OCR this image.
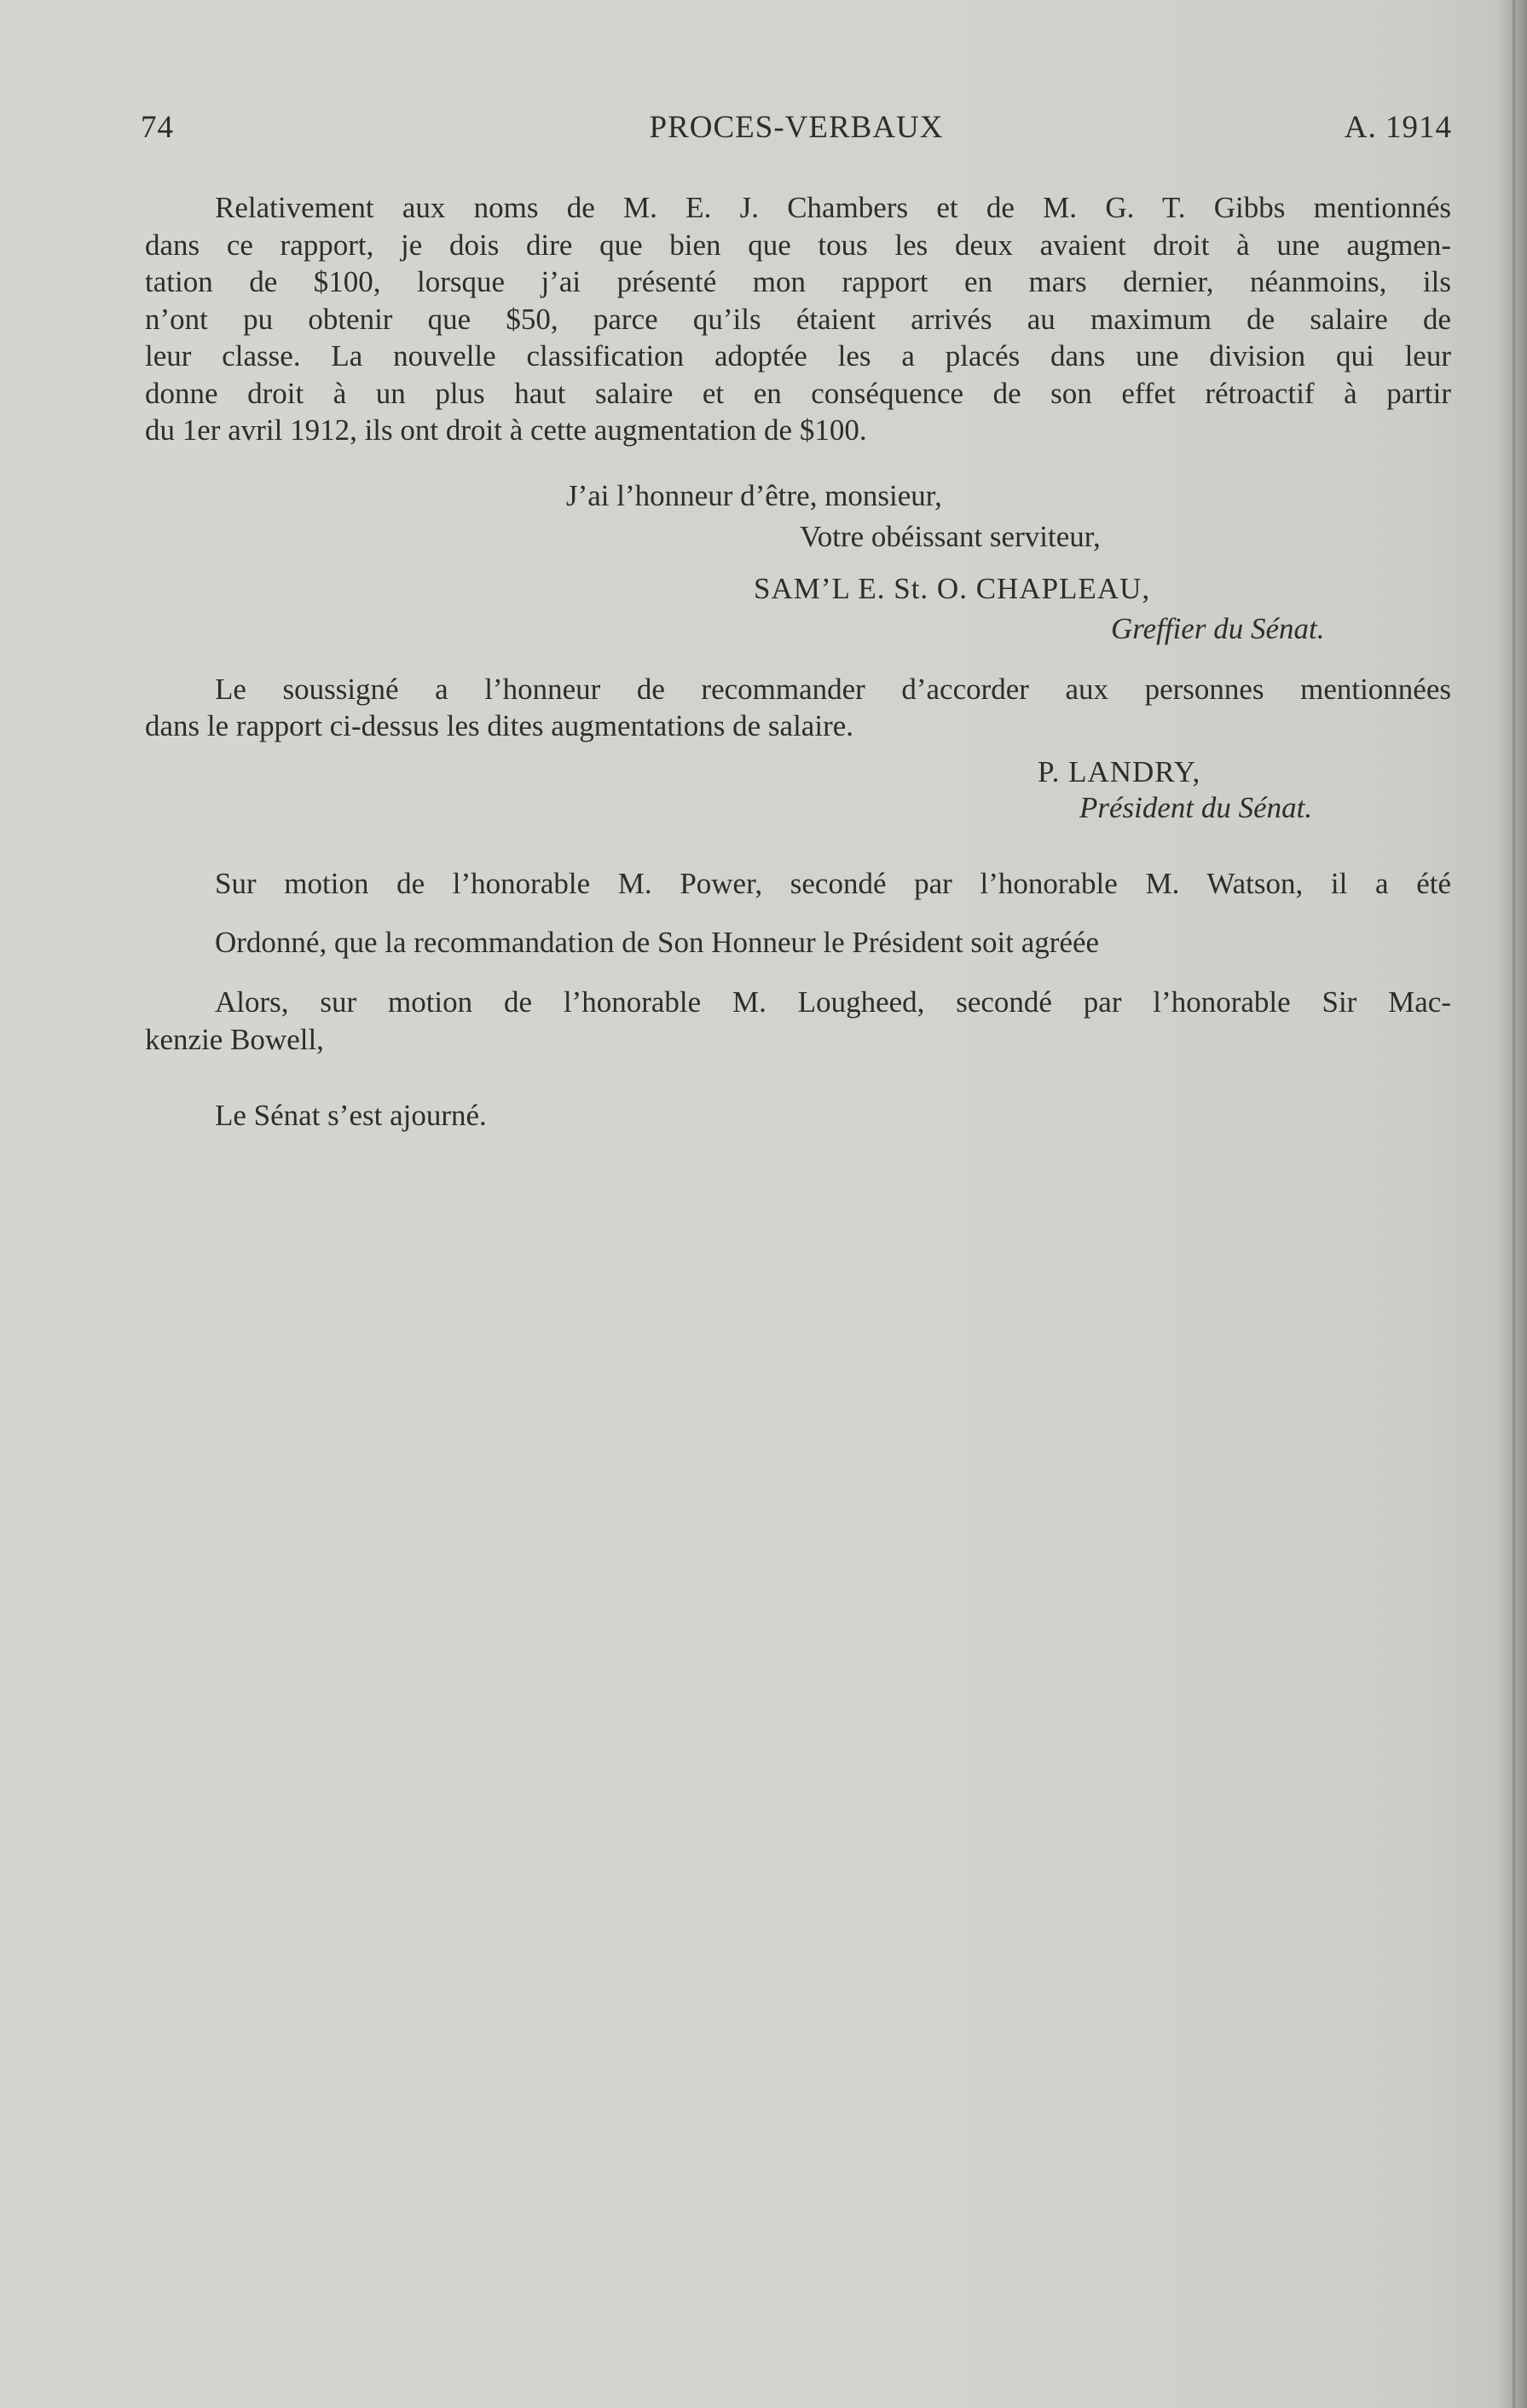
74	PROCES-VERBAUX	A. 1914
Relativement aux noms de M. E. J. Chambers et de M. G. T. Gibbs mentionnés
dans ce rapport, je dois dire que bien que tous les deux avaient droit à une augmen-
tation de $100, lorsque j’ai présenté mon rapport en mars dernier, néanmoins, ils
n’ont pu obtenir que $50, parce qu’ils étaient arrivés au maximum de salaire de
leur classe. La nouvelle classification adoptée les a placés dans une division qui leur
donne droit à un plus haut salaire et en conséquence de son effet rétroactif à partir
du 1er avril 1912, ils ont droit à cette augmentation de $100.
J’ai l’honneur d’être, monsieur,
Votre obéissant serviteur,
SAM’L E. St. O. CHAPLEAU,
Greffier du Sénat.
Le soussigné a l’honneur de recommander d’accorder aux personnes mentionnées
dans le rapport ci-dessus les dites augmentations de salaire.
P. LANDRY,
Président du Sénat.
Sur motion de l’honorable M. Power, secondé par l’honorable M. Watson, il a été
Ordonné, que la recommandation de Son Honneur le Président soit agréée
Alors, sur motion de l’honorable M. Lougheed, secondé par l’honorable Sir Mac-
kenzie Bowell,
Le Sénat s’est ajourné.
